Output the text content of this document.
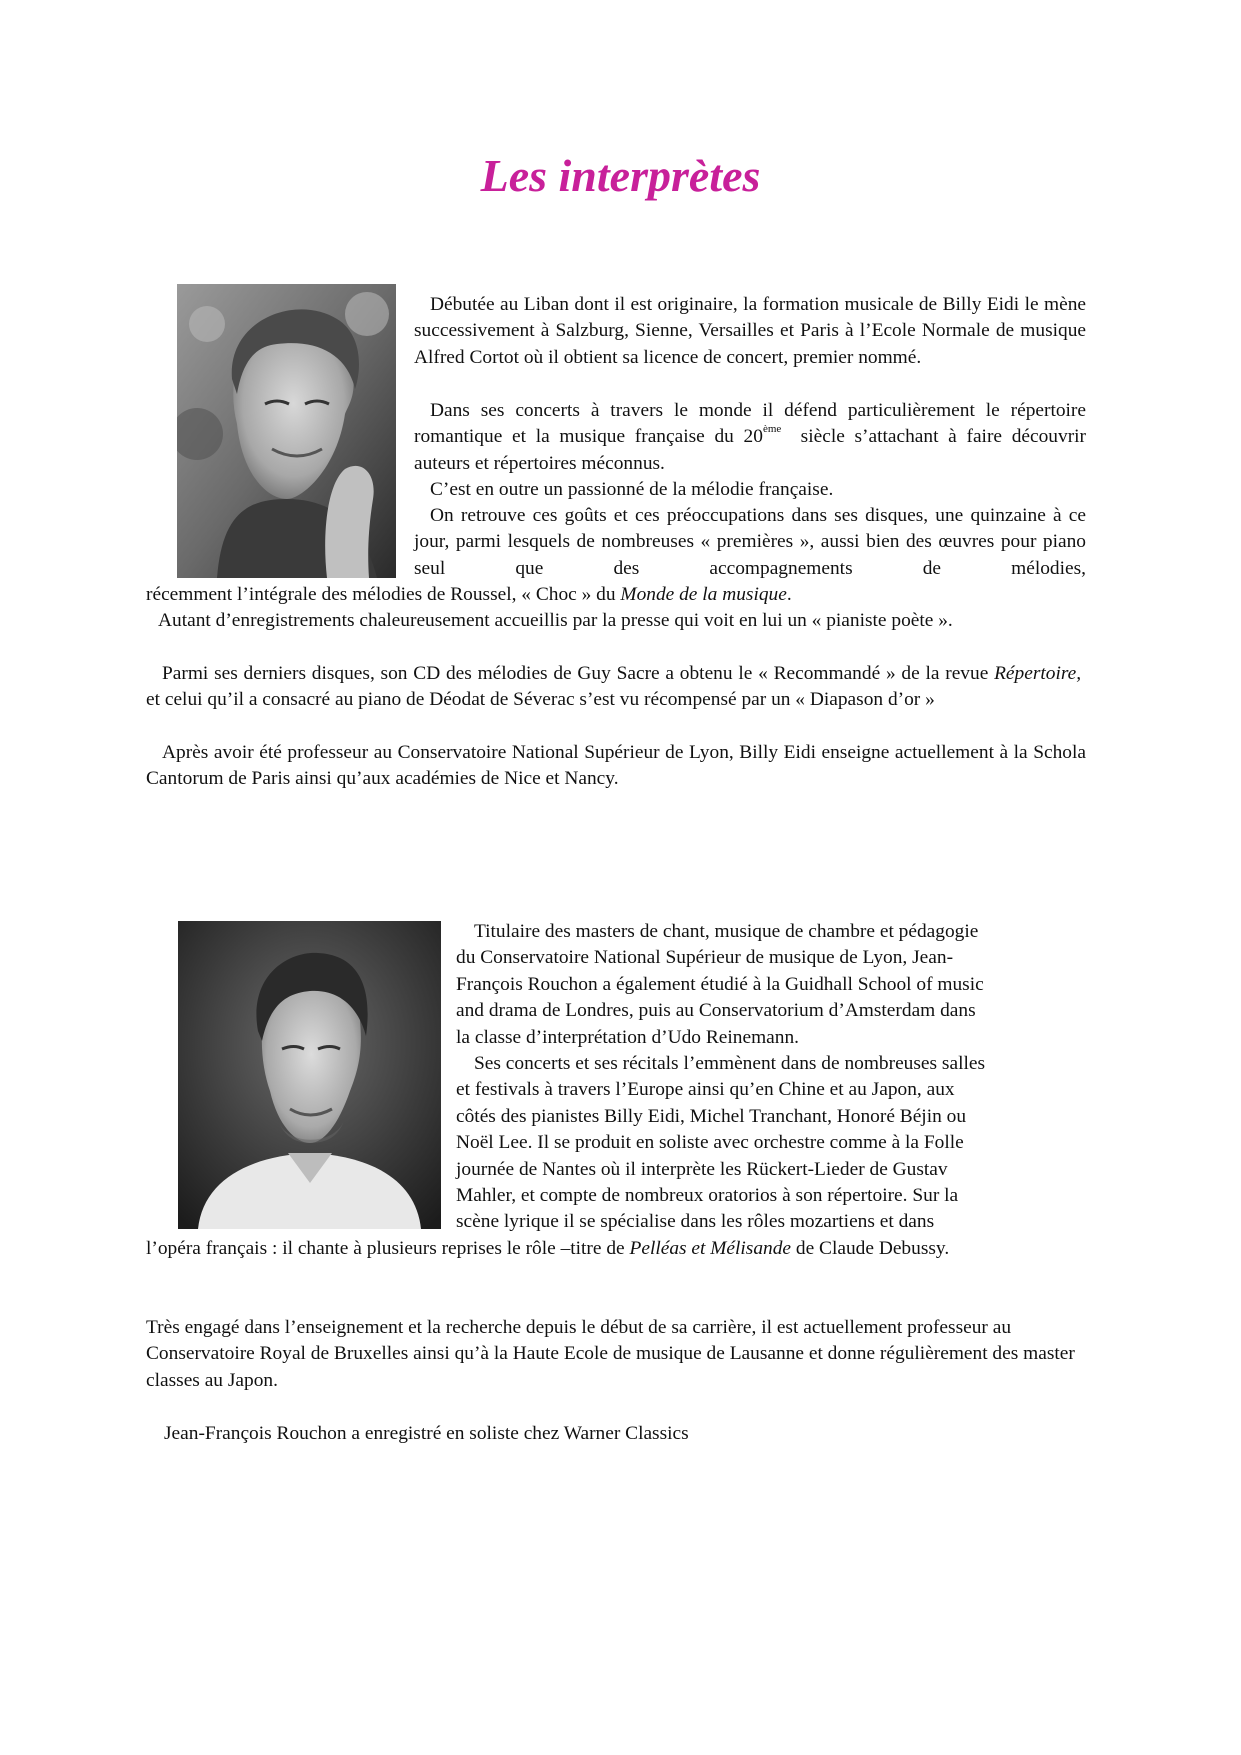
Les interprètes
Débutée au Liban dont il est originaire, la formation musicale de Billy Eidi le mène successivement à Salzburg, Sienne, Versailles et Paris à l’Ecole Normale de musique Alfred Cortot où il obtient sa licence de concert, premier nommé.
Dans ses concerts à travers le monde il défend particulièrement le répertoire romantique et la musique française du 20ème siècle s’attachant à faire découvrir auteurs et répertoires méconnus.
C’est en outre un passionné de la mélodie française.
On retrouve ces goûts et ces préoccupations dans ses disques, une quinzaine à ce jour, parmi lesquels de nombreuses « premières », aussi bien des œuvres pour piano seul que des accompagnements de mélodies,
récemment l’intégrale des mélodies de Roussel, « Choc » du Monde de la musique.
Autant d’enregistrements chaleureusement accueillis par la presse qui voit en lui un « pianiste poète ».
Parmi ses derniers disques, son CD des mélodies de Guy Sacre a obtenu le « Recommandé » de la revue Répertoire,  et celui qu’il a consacré au piano de Déodat de Séverac s’est vu récompensé par un « Diapason d’or »
Après avoir été professeur au Conservatoire National Supérieur de Lyon, Billy Eidi enseigne actuellement à la Schola Cantorum de Paris ainsi qu’aux académies de Nice et Nancy.
Titulaire des masters de chant, musique de chambre et pédagogie
du Conservatoire National Supérieur de musique de Lyon, Jean-
François Rouchon a également étudié à la Guidhall School of music
and drama de Londres, puis au Conservatorium d’Amsterdam dans
la classe d’interprétation d’Udo Reinemann.
Ses concerts et ses récitals l’emmènent dans de nombreuses salles
et festivals à travers l’Europe ainsi qu’en Chine et au Japon, aux
côtés des pianistes Billy Eidi, Michel Tranchant, Honoré Béjin ou
Noël Lee. Il se produit en soliste avec orchestre comme à la Folle
journée de Nantes où il interprète les Rückert-Lieder de Gustav
Mahler, et compte de nombreux oratorios à son répertoire. Sur la
scène lyrique il se spécialise dans les rôles mozartiens et dans
l’opéra français : il chante à plusieurs reprises le rôle –titre de Pelléas et Mélisande de Claude Debussy.
Très engagé dans l’enseignement et la recherche depuis le début de sa carrière, il est actuellement professeur au Conservatoire Royal de Bruxelles ainsi qu’à la Haute Ecole de musique de Lausanne et donne régulièrement des master classes au Japon.
Jean-François Rouchon a enregistré en soliste chez Warner Classics
